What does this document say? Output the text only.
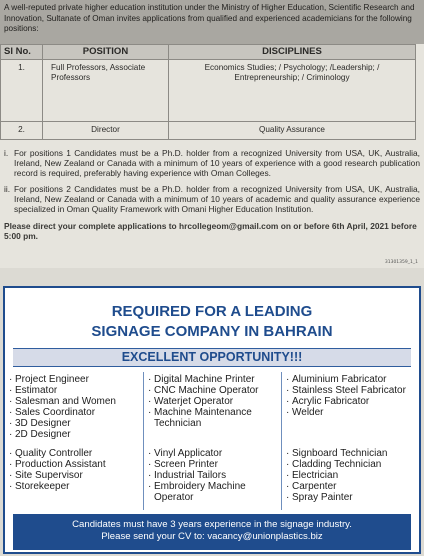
A well-reputed private higher education institution under the Ministry of Higher Education, Scientific Research and Innovation, Sultanate of Oman invites applications from qualified and experienced academicians for the following positions:
Sl No.	POSITION	DISCIPLINES
1.	Full Professors, Associate Professors	Economics Studies; / Psychology; /Leadership; / Entrepreneurship; / Criminology
2.	Director	Quality Assurance
i. For positions 1 Candidates must be a Ph.D. holder from a recognized University from USA, UK, Australia, Ireland, New Zealand or Canada with a minimum of 10 years of experience with a good research publication record is required, preferably having experience with Oman Colleges.
ii. For positions 2 Candidates must be a Ph.D. holder from a recognized University from USA, UK, Australia, Ireland, New Zealand or Canada with a minimum of 10 years of academic and quality assurance experience specialized in Oman Quality Framework with Omani Higher Education Institution.
Please direct your complete applications to hrcollegeom@gmail.com on or before 6th April, 2021 before 5:00 pm.
31301359_1_1
REQUIRED FOR A LEADING
SIGNAGE COMPANY IN BAHRAIN
EXCELLENT OPPORTUNITY!!!
· Project Engineer
· Estimator
· Salesman and Women
· Sales Coordinator
· 3D Designer
· 2D Designer
· Quality Controller
· Production Assistant
· Site Supervisor
· Storekeeper
· Digital Machine Printer
· CNC Machine Operator
· Waterjet Operator
· Machine Maintenance Technician
· Vinyl Applicator
· Screen Printer
· Industrial Tailors
· Embroidery Machine Operator
· Aluminium Fabricator
· Stainless Steel Fabricator
· Acrylic Fabricator
· Welder
· Signboard Technician
· Cladding Technician
· Electrician
· Carpenter
· Spray Painter
Candidates must have 3 years experience in the signage industry.
Please send your CV to: vacancy@unionplastics.biz
